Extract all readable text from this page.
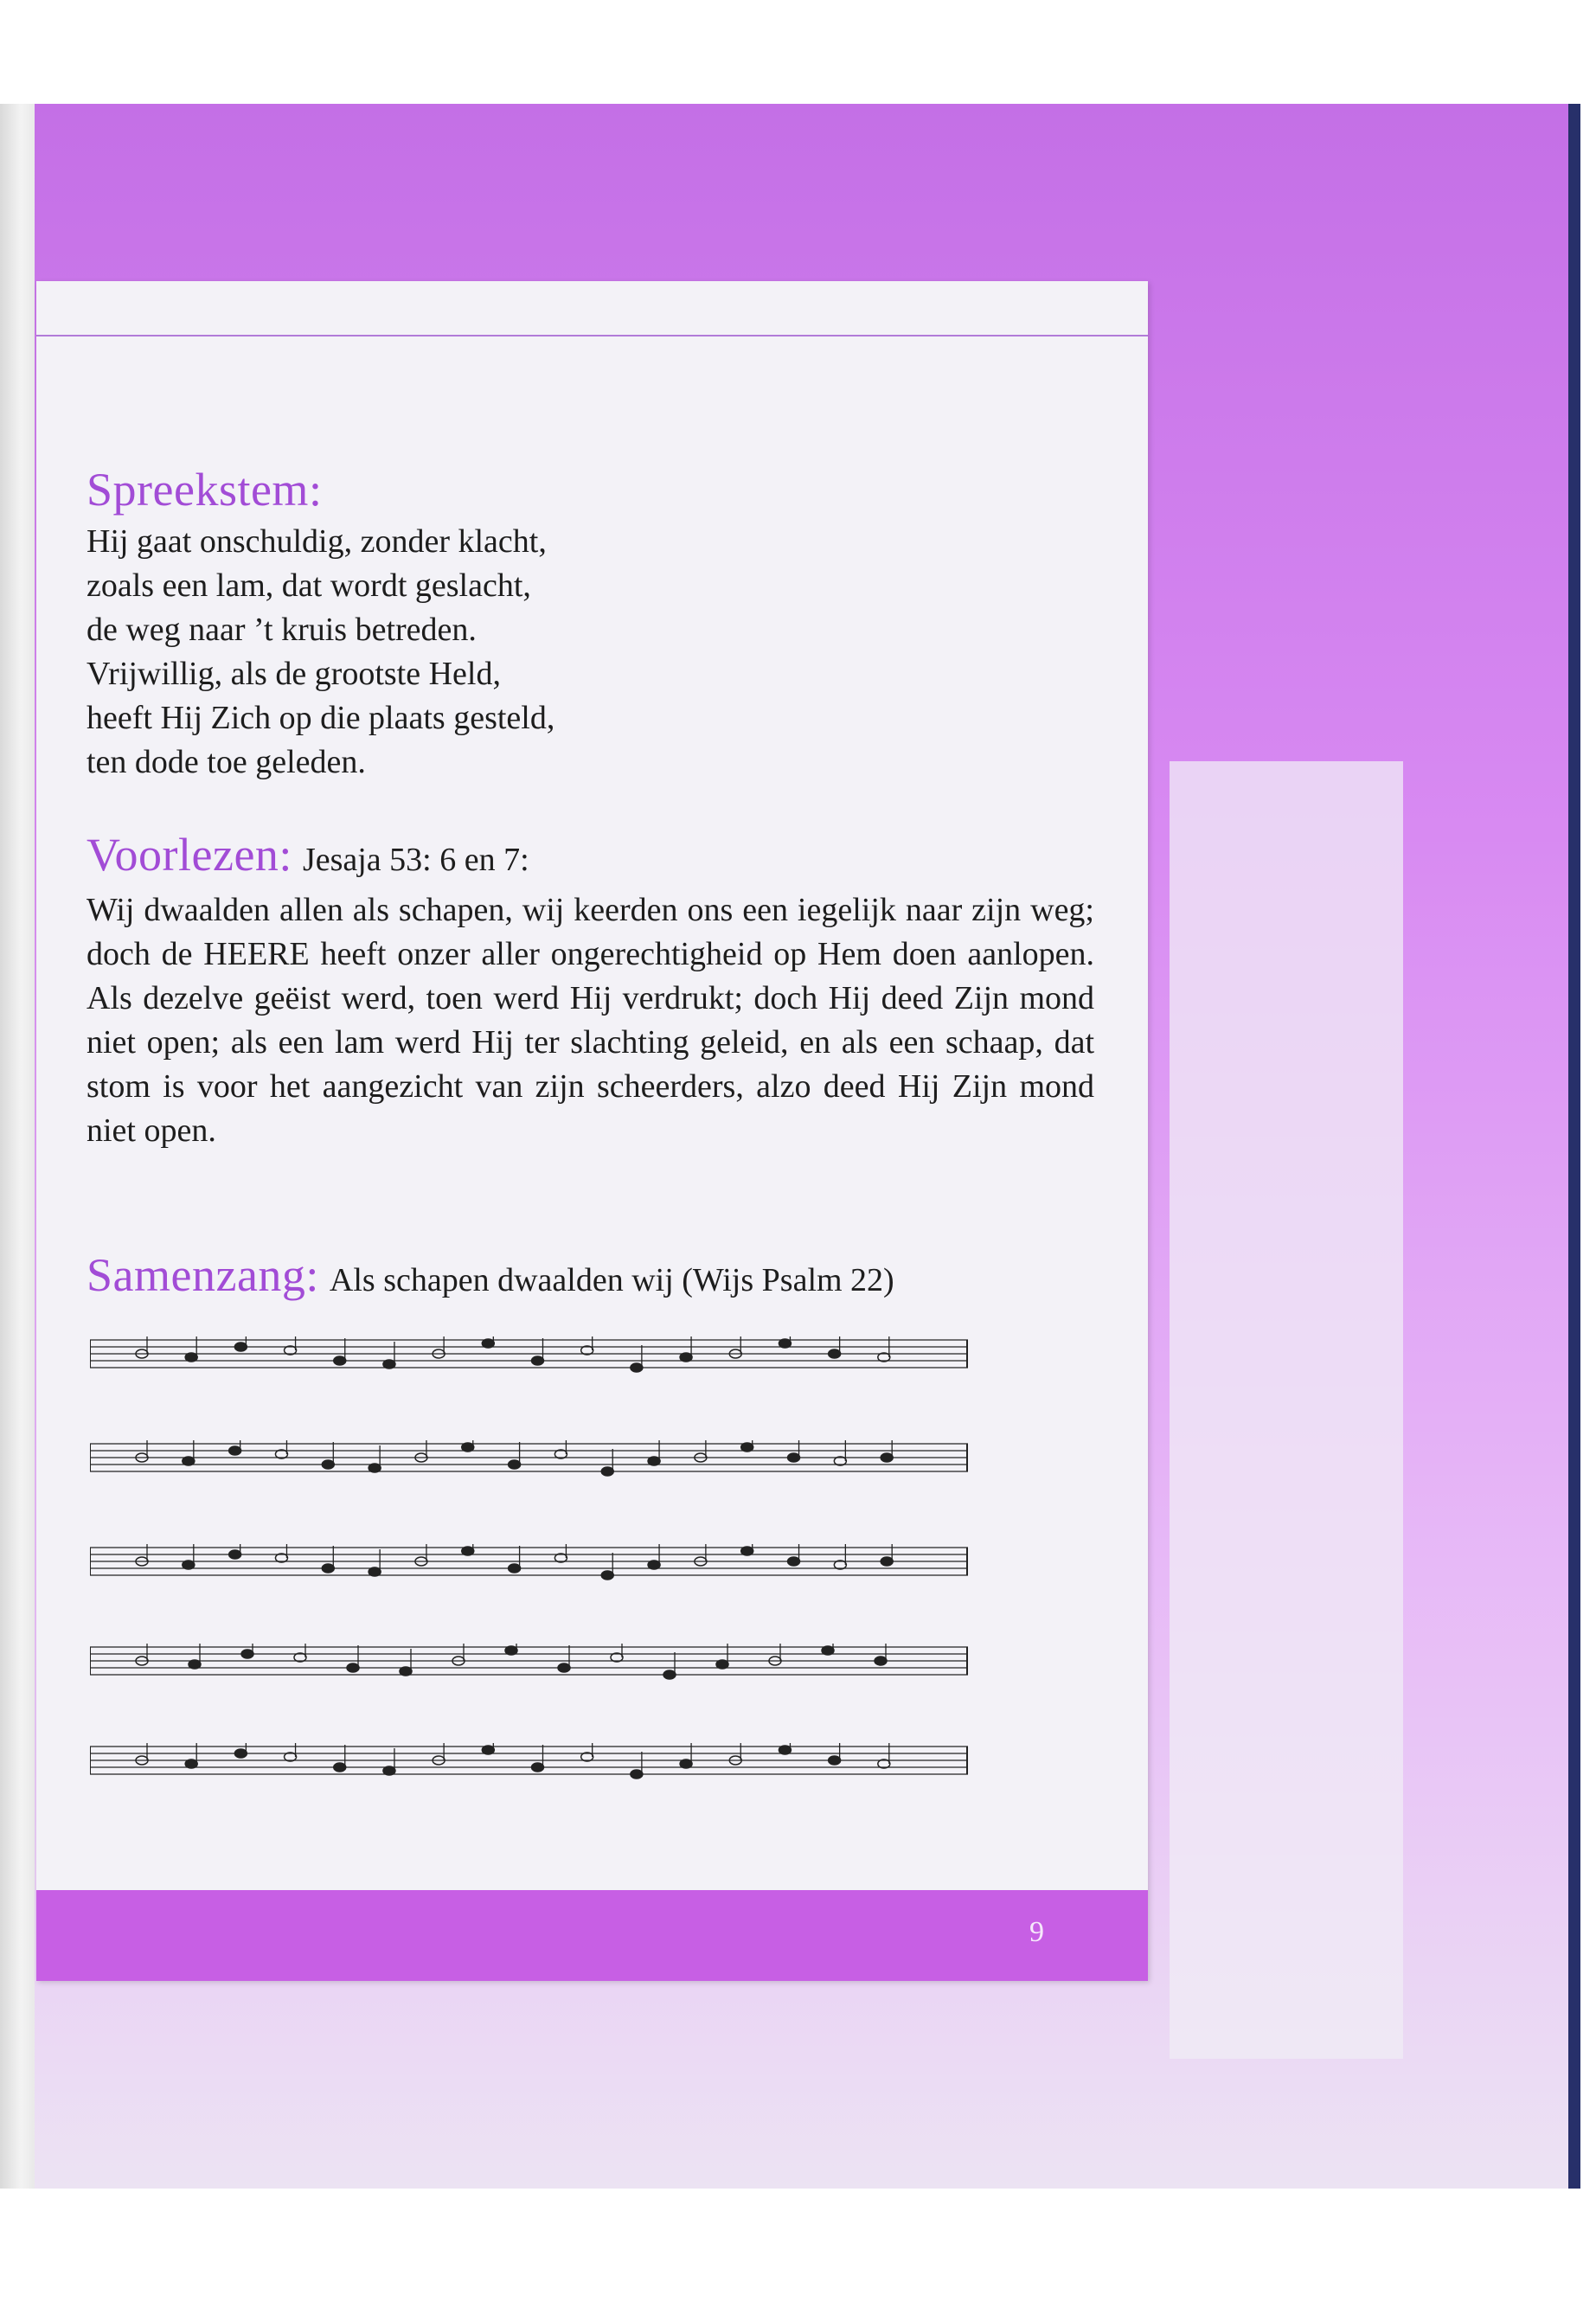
Spreekstem:

Hij gaat onschuldig, zonder klacht,

zoals een lam, dat wordt geslacht,

de weg naar ’t kruis betreden.

Vrijwillig, als de grootste Held,

heeft Hij Zich op die plaats gesteld,

ten dode toe geleden.

Voorlezen: Jesaja 53: 6 en 7:

Wij dwaalden allen als schapen, wij keerden ons een iegelijk naar zijn weg; doch de HEERE heeft onzer aller ongerechtigheid op Hem doen aanlopen. Als dezelve geëist werd, toen werd Hij verdrukt; doch Hij deed Zijn mond niet open; als een lam werd Hij ter slachting geleid, en als een schaap, dat stom is voor het aangezicht van zijn scheerders, alzo deed Hij Zijn mond niet open.

Samenzang: Als schapen dwaalden wij (Wijs Psalm 22)
9
